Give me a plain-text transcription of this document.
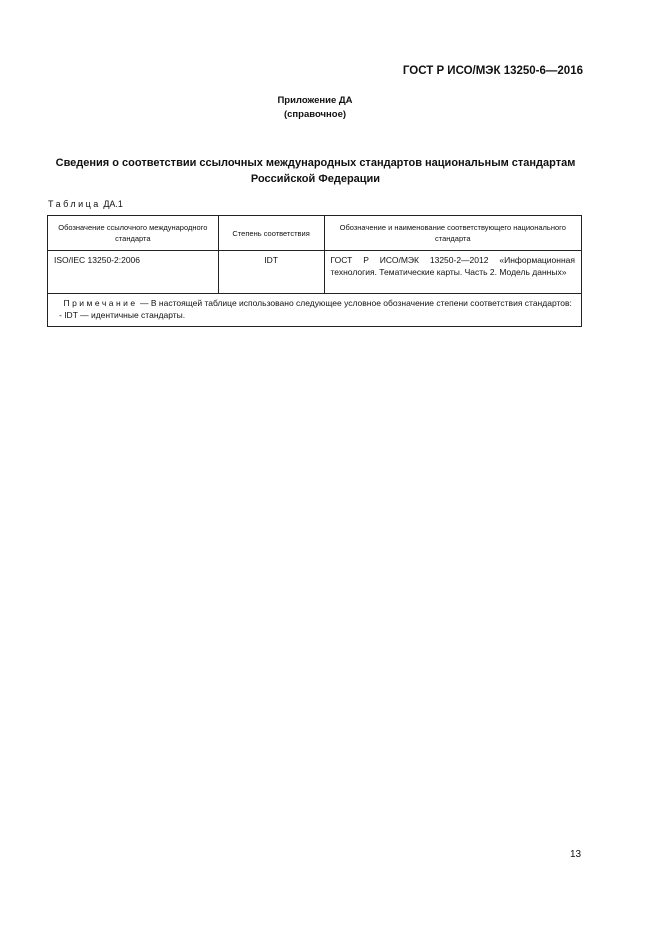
ГОСТ Р ИСО/МЭК 13250-6—2016
Приложение ДА
(справочное)
Сведения о соответствии ссылочных международных стандартов национальным стандартам
Российской Федерации
Таблица ДА.1
Обозначение ссылочного международного стандарта	Степень соответствия	Обозначение и наименование соответствующего национального стандарта
ISO/IEC 13250-2:2006	IDT	ГОСТ Р ИСО/МЭК 13250-2—2012 «Информационная технология. Тематические карты. Часть 2. Модель данных»

Примечание — В настоящей таблице использовано следующее условное обозначение степени соответствия стандартов:
- IDT — идентичные стандарты.		
13
